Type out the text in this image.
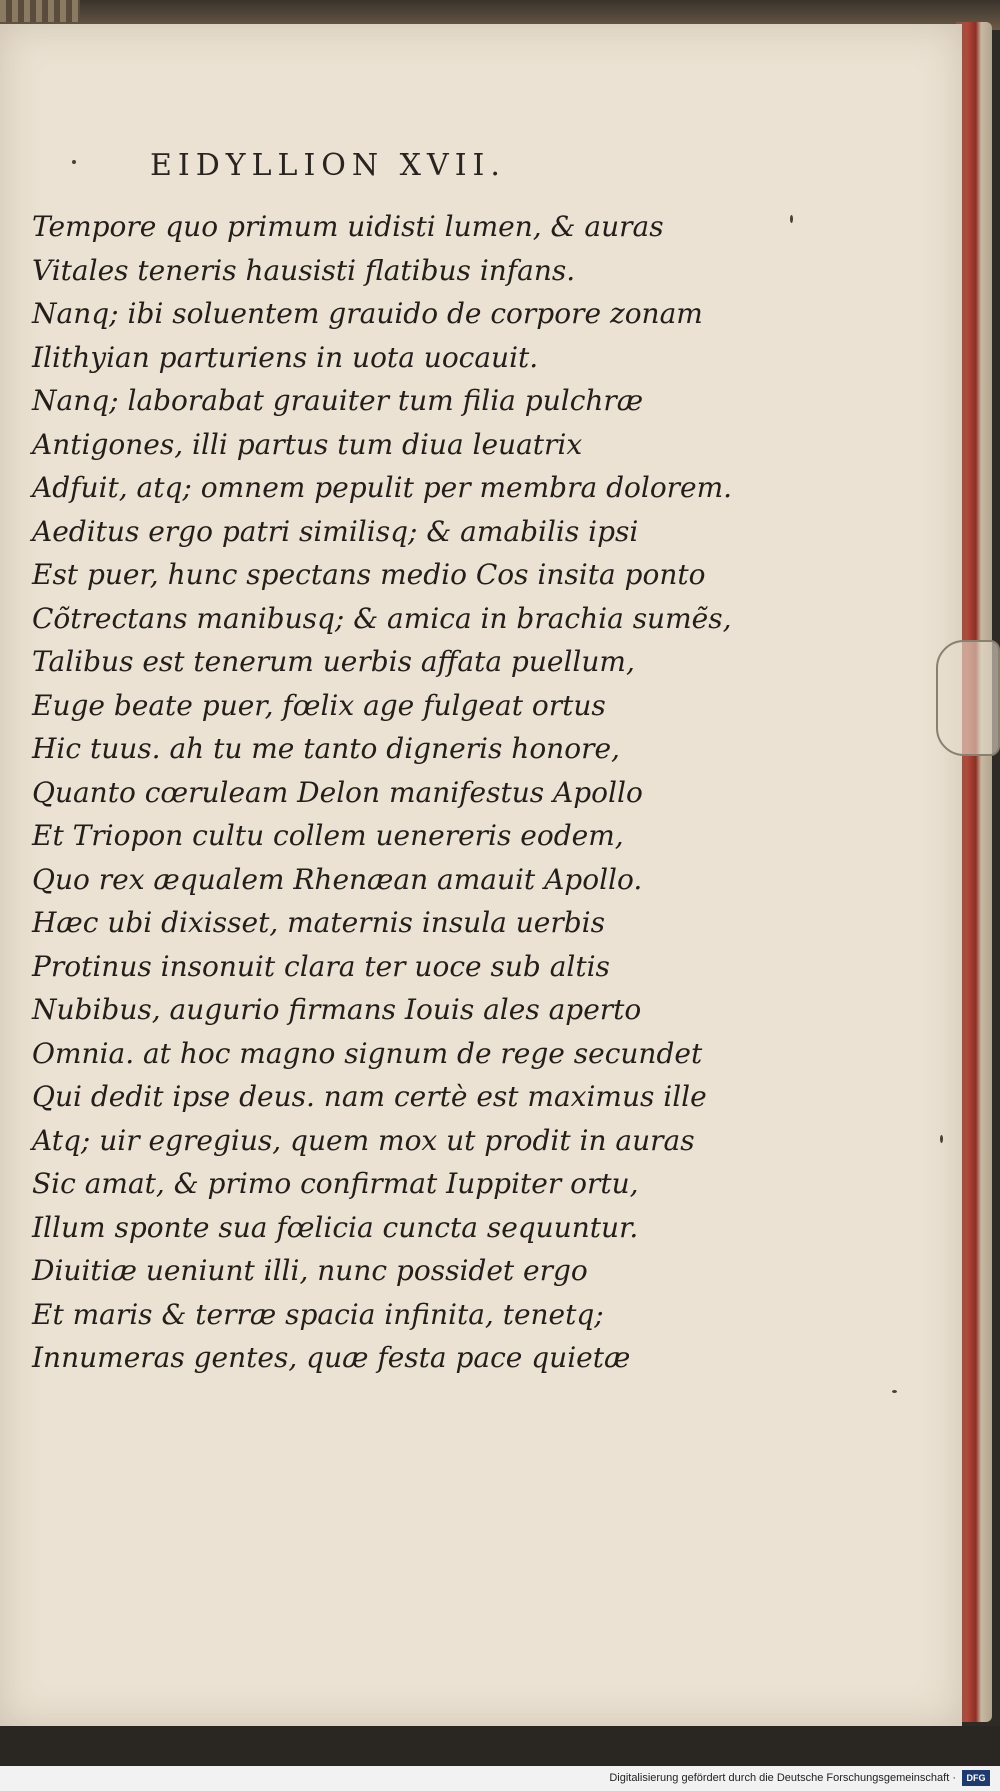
EIDYLLION XVII.
Tempore quo primum uidisti lumen, & auras
Vitales teneris hausisti flatibus infans.
Nanq; ibi soluentem grauido de corpore zonam
Ilithyian parturiens in uota uocauit.
Nanq; laborabat grauiter tum filia pulchræ
Antigones, illi partus tum diua leuatrix
Adfuit, atq; omnem pepulit per membra dolorem.
Aeditus ergo patri similisq; & amabilis ipsi
Est puer, hunc spectans medio Cos insita ponto
Cõtrectans manibusq; & amica in brachia sumẽs,
Talibus est tenerum uerbis affata puellum,
Euge beate puer, fœlix age fulgeat ortus
Hic tuus. ah tu me tanto digneris honore,
Quanto cœruleam Delon manifestus Apollo
Et Triopon cultu collem uenereris eodem,
Quo rex æqualem Rhenæan amauit Apollo.
Hæc ubi dixisset, maternis insula uerbis
Protinus insonuit clara ter uoce sub altis
Nubibus, augurio firmans Iouis ales aperto
Omnia. at hoc magno signum de rege secundet
Qui dedit ipse deus. nam certè est maximus ille
Atq; uir egregius, quem mox ut prodit in auras
Sic amat, & primo confirmat Iuppiter ortu,
Illum sponte sua fœlicia cuncta sequuntur.
Diuitiæ ueniunt illi, nunc possidet ergo
Et maris & terræ spacia infinita, tenetq;
Innumeras gentes, quæ festa pace quietæ
Digitalisierung gefördert durch die Deutsche Forschungsgemeinschaft ·	DFG
